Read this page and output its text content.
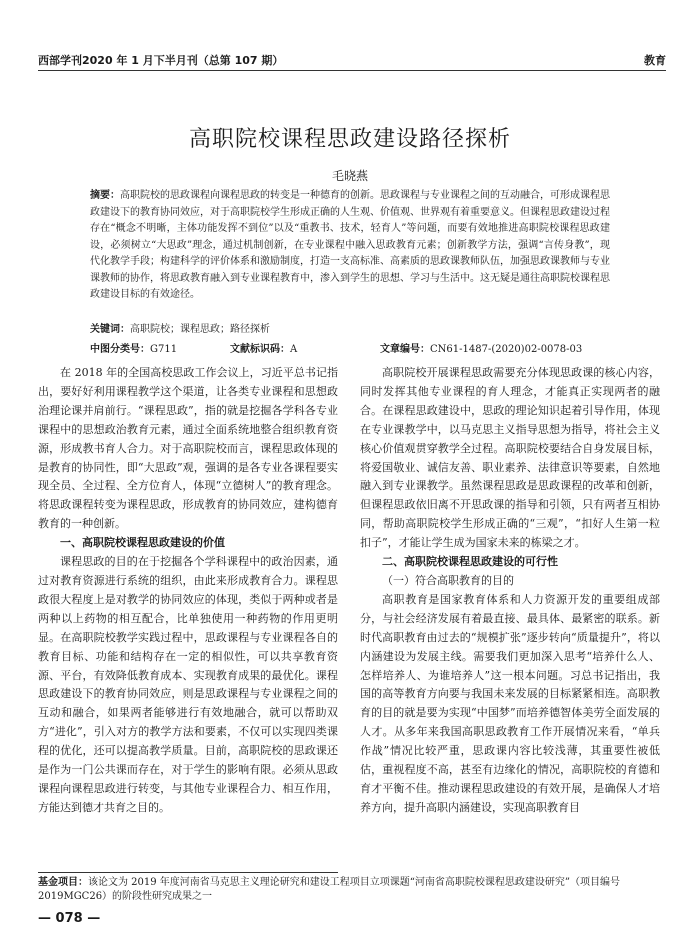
西部学刊2020 年 1 月下半月刊（总第 107 期）	教育
高职院校课程思政建设路径探析
毛晓燕
摘要：高职院校的思政课程向课程思政的转变是一种德育的创新。思政课程与专业课程之间的互动融合，可形成课程思政建设下的教育协同效应，对于高职院校学生形成正确的人生观、价值观、世界观有着重要意义。但课程思政建设过程存在“概念不明晰，主体功能发挥不到位”以及“重教书、技术，轻育人”等问题，而要有效地推进高职院校课程思政建设，必须树立“大思政”理念，通过机制创新，在专业课程中融入思政教育元素；创新教学方法，强调“言传身教”，现代化教学手段；构建科学的评价体系和激励制度，打造一支高标准、高素质的思政课教师队伍，加强思政课教师与专业课教师的协作，将思政教育融入到专业课程教育中，渗入到学生的思想、学习与生活中。这无疑是通往高职院校课程思政建设目标的有效途径。
关键词：高职院校；课程思政；路径探析
中图分类号：G711	文献标识码：A	文章编号：CN61-1487-(2020)02-0078-03

在 2018 年的全国高校思政工作会议上，习近平总书记指出，要好好利用课程教学这个渠道，让各类专业课程和思想政治理论课并肩前行。“课程思政”，指的就是挖掘各学科各专业课程中的思想政治教育元素，通过全面系统地整合组织教育资源，形成教书育人合力。对于高职院校而言，课程思政体现的是教育的协同性，即“大思政”观，强调的是各专业各课程要实现全员、全过程、全方位育人，体现“立德树人”的教育理念。将思政课程转变为课程思政，形成教育的协同效应，建构德育教育的一种创新。

一、高职院校课程思政建设的价值

课程思政的目的在于挖掘各个学科课程中的政治因素，通过对教育资源进行系统的组织，由此来形成教育合力。课程思政很大程度上是对教学的协同效应的体现，类似于两种或者是两种以上药物的相互配合，比单独使用一种药物的作用更明显。在高职院校教学实践过程中，思政课程与专业课程各自的教育目标、功能和结构存在一定的相似性，可以共享教育资源、平台，有效降低教育成本、实现教育成果的最优化。课程思政建设下的教育协同效应，则是思政课程与专业课程之间的互动和融合，如果两者能够进行有效地融合，就可以帮助双方“进化”，引入对方的教学方法和要素，不仅可以实现四类课程的优化，还可以提高教学质量。目前，高职院校的思政课还是作为一门公共课而存在，对于学生的影响有限。必须从思政课程向课程思政进行转变，与其他专业课程合力、相互作用，方能达到德才共育之目的。

高职院校开展课程思政需要充分体现思政课的核心内容，同时发挥其他专业课程的育人理念，才能真正实现两者的融合。在课程思政建设中，思政的理论知识起着引导作用，体现在专业课教学中，以马克思主义指导思想为指导，将社会主义核心价值观贯穿教学全过程。高职院校要结合自身发展目标，将爱国敬业、诚信友善、职业素养、法律意识等要素，自然地融入到专业课教学。虽然课程思政是思政课程的改革和创新，但课程思政依旧离不开思政课的指导和引领，只有两者互相协同，帮助高职院校学生形成正确的“三观”，“扣好人生第一粒扣子”，才能让学生成为国家未来的栋梁之才。

二、高职院校课程思政建设的可行性
（一）符合高职教育的目的

高职教育是国家教育体系和人力资源开发的重要组成部分，与社会经济发展有着最直接、最具体、最紧密的联系。新时代高职教育由过去的“规模扩张”逐步转向“质量提升”，将以内涵建设为发展主线。需要我们更加深入思考“培养什么人、怎样培养人、为谁培养人”这一根本问题。习总书记指出，我国的高等教育方向要与我国未来发展的目标紧紧相连。高职教育的目的就是要为实现“中国梦”而培养德智体美劳全面发展的人才。从多年来我国高职思政教育工作开展情况来看，“单兵作战”情况比较严重，思政课内容比较浅薄，其重要性被低估，重视程度不高，甚至有边缘化的情况，高职院校的育德和育才平衡不佳。推动课程思政建设的有效开展，是确保人才培养方向，提升高职内涵建设，实现高职教育目

基金项目：该论文为 2019 年度河南省马克思主义理论研究和建设工程项目立项课题“河南省高职院校课程思政建设研究”（项目编号 2019MGC26）的阶段性研究成果之一
— 078 —
